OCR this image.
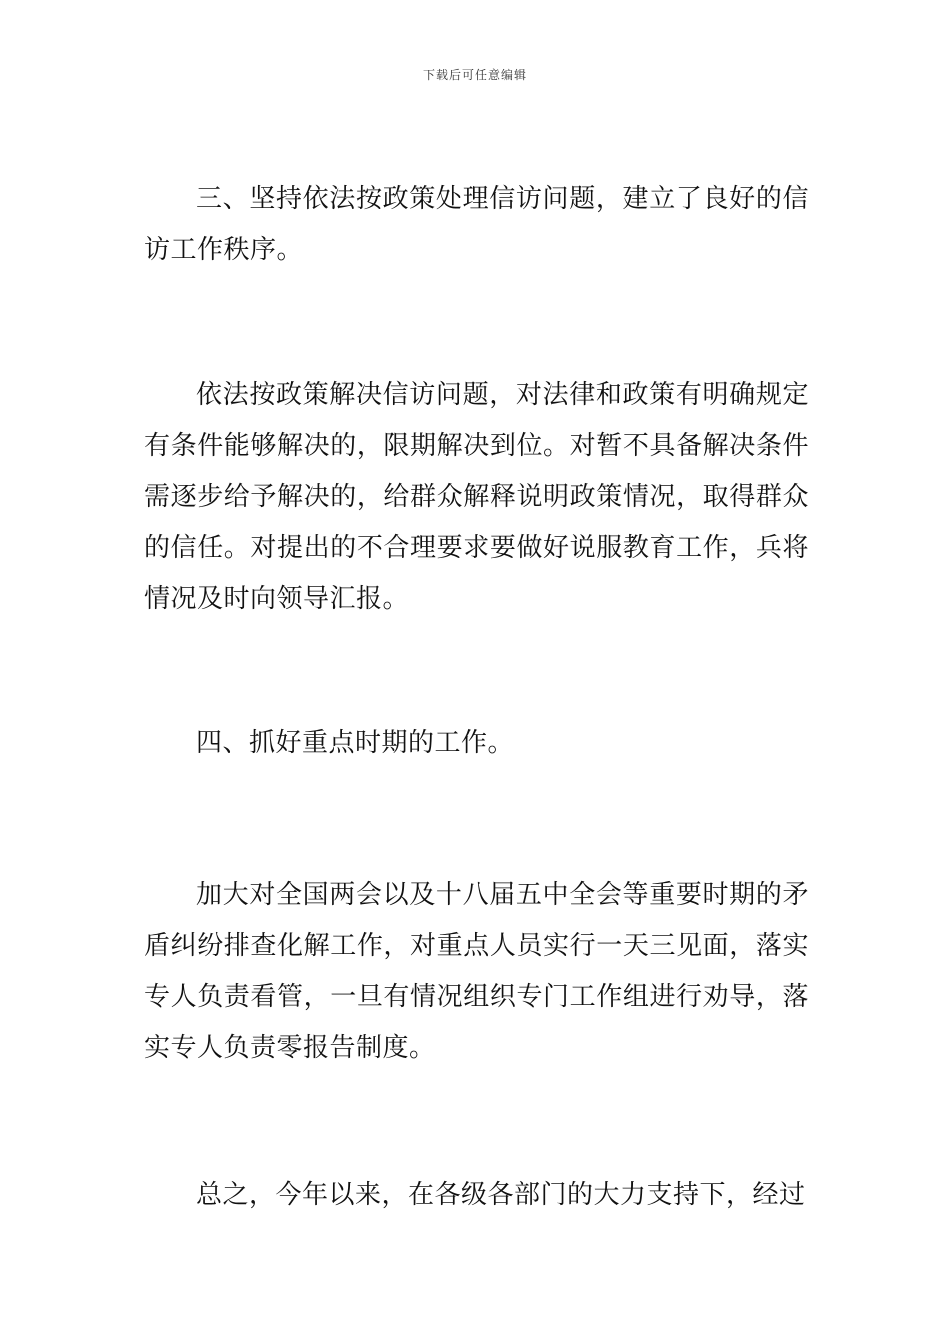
下载后可任意编辑

三、坚持依法按政策处理信访问题，建立了良好的信访工作秩序。

依法按政策解决信访问题，对法律和政策有明确规定有条件能够解决的，限期解决到位。对暂不具备解决条件需逐步给予解决的，给群众解释说明政策情况，取得群众的信任。对提出的不合理要求要做好说服教育工作，兵将情况及时向领导汇报。

四、抓好重点时期的工作。

加大对全国两会以及十八届五中全会等重要时期的矛盾纠纷排查化解工作，对重点人员实行一天三见面，落实专人负责看管，一旦有情况组织专门工作组进行劝导，落实专人负责零报告制度。

总之，今年以来，在各级各部门的大力支持下，经过
